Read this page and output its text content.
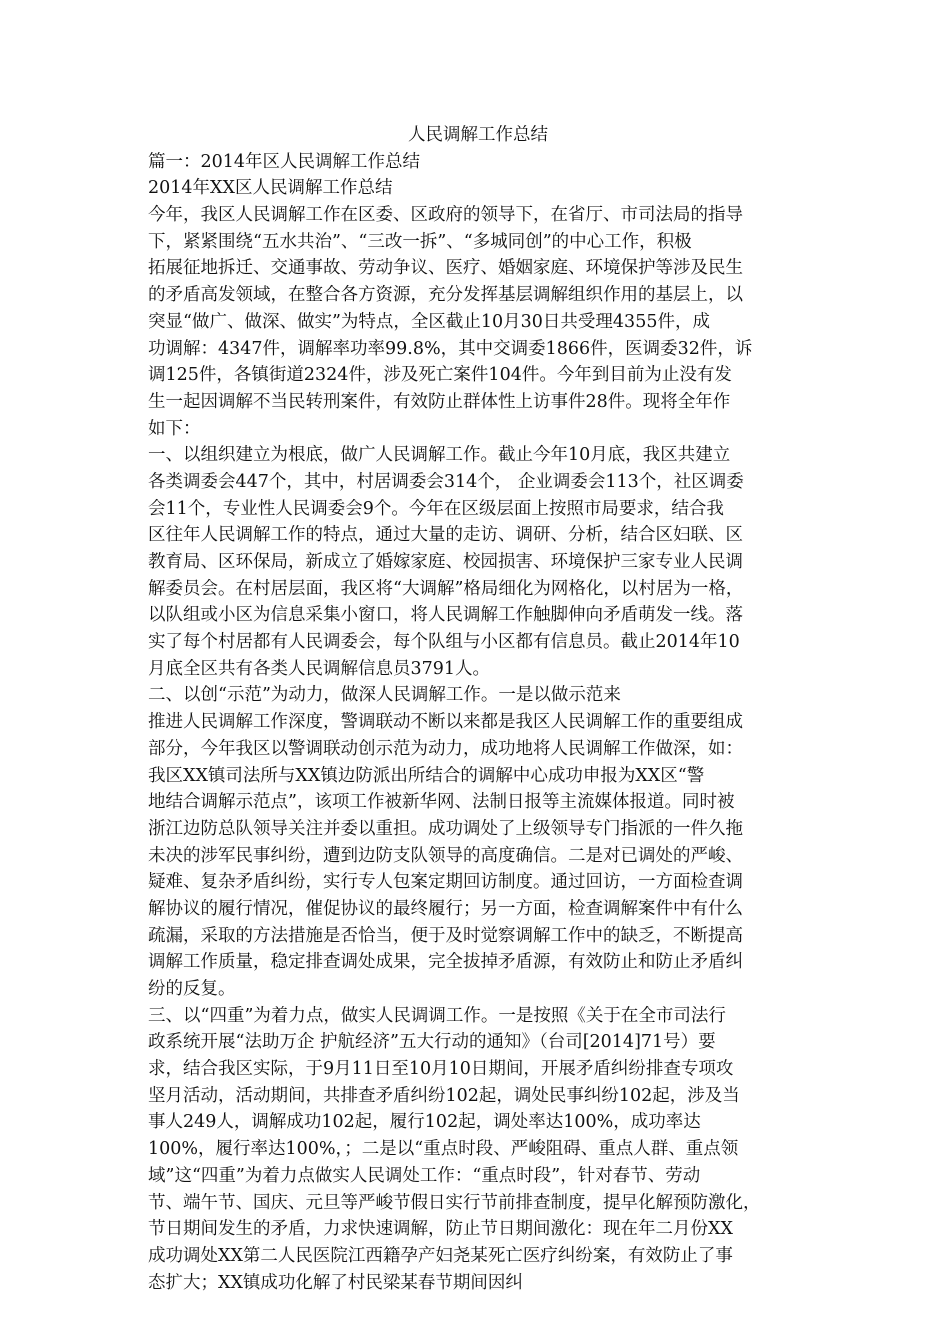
人民调解工作总结
篇一：2014年区人民调解工作总结
2014年XX区人民调解工作总结
今年，我区人民调解工作在区委、区政府的领导下，在省厅、市司法局的指导
下，紧紧围绕“五水共治”、“三改一拆”、“多城同创”的中心工作，积极
拓展征地拆迁、交通事故、劳动争议、医疗、婚姻家庭、环境保护等涉及民生
的矛盾高发领域，在整合各方资源，充分发挥基层调解组织作用的基层上，以
突显“做广、做深、做实”为特点，全区截止10月30日共受理4355件，成
功调解：4347件，调解率功率99.8%，其中交调委1866件，医调委32件，诉
调125件，各镇街道2324件，涉及死亡案件104件。今年到目前为止没有发
生一起因调解不当民转刑案件，有效防止群体性上访事件28件。现将全年作
如下：
一、以组织建立为根底，做广人民调解工作。截止今年10月底，我区共建立
各类调委会447个，其中，村居调委会314个， 企业调委会113个，社区调委
会11个，专业性人民调委会9个。今年在区级层面上按照市局要求，结合我
区往年人民调解工作的特点，通过大量的走访、调研、分析，结合区妇联、区
教育局、区环保局，新成立了婚嫁家庭、校园损害、环境保护三家专业人民调
解委员会。在村居层面，我区将“大调解”格局细化为网格化，以村居为一格，
以队组或小区为信息采集小窗口，将人民调解工作触脚伸向矛盾萌发一线。落
实了每个村居都有人民调委会，每个队组与小区都有信息员。截止2014年10
月底全区共有各类人民调解信息员3791人。
二、以创“示范”为动力，做深人民调解工作。一是以做示范来
推进人民调解工作深度，警调联动不断以来都是我区人民调解工作的重要组成
部分，今年我区以警调联动创示范为动力，成功地将人民调解工作做深，如：
我区XX镇司法所与XX镇边防派出所结合的调解中心成功申报为XX区“警
地结合调解示范点”，该项工作被新华网、法制日报等主流媒体报道。同时被
浙江边防总队领导关注并委以重担。成功调处了上级领导专门指派的一件久拖
未决的涉军民事纠纷，遭到边防支队领导的高度确信。二是对已调处的严峻、
疑难、复杂矛盾纠纷，实行专人包案定期回访制度。通过回访，一方面检查调
解协议的履行情况，催促协议的最终履行；另一方面，检查调解案件中有什么
疏漏，采取的方法措施是否恰当，便于及时觉察调解工作中的缺乏，不断提高
调解工作质量，稳定排查调处成果，完全拔掉矛盾源，有效防止和防止矛盾纠
纷的反复。
三、以“四重”为着力点，做实人民调调工作。一是按照《关于在全市司法行
政系统开展“法助万企 护航经济”五大行动的通知》（台司[2014]71号）要
求，结合我区实际，于9月11日至10月10日期间，开展矛盾纠纷排查专项攻
坚月活动，活动期间，共排查矛盾纠纷102起，调处民事纠纷102起，涉及当
事人249人，调解成功102起，履行102起，调处率达100%，成功率达
100%，履行率达100%，；二是以“重点时段、严峻阻碍、重点人群、重点领
域”这“四重”为着力点做实人民调处工作：“重点时段”，针对春节、劳动
节、端午节、国庆、元旦等严峻节假日实行节前排查制度，提早化解预防激化，
节日期间发生的矛盾，力求快速调解，防止节日期间激化：现在年二月份XX
成功调处XX第二人民医院江西籍孕产妇尧某死亡医疗纠纷案，有效防止了事
态扩大；XX镇成功化解了村民梁某春节期间因纠
